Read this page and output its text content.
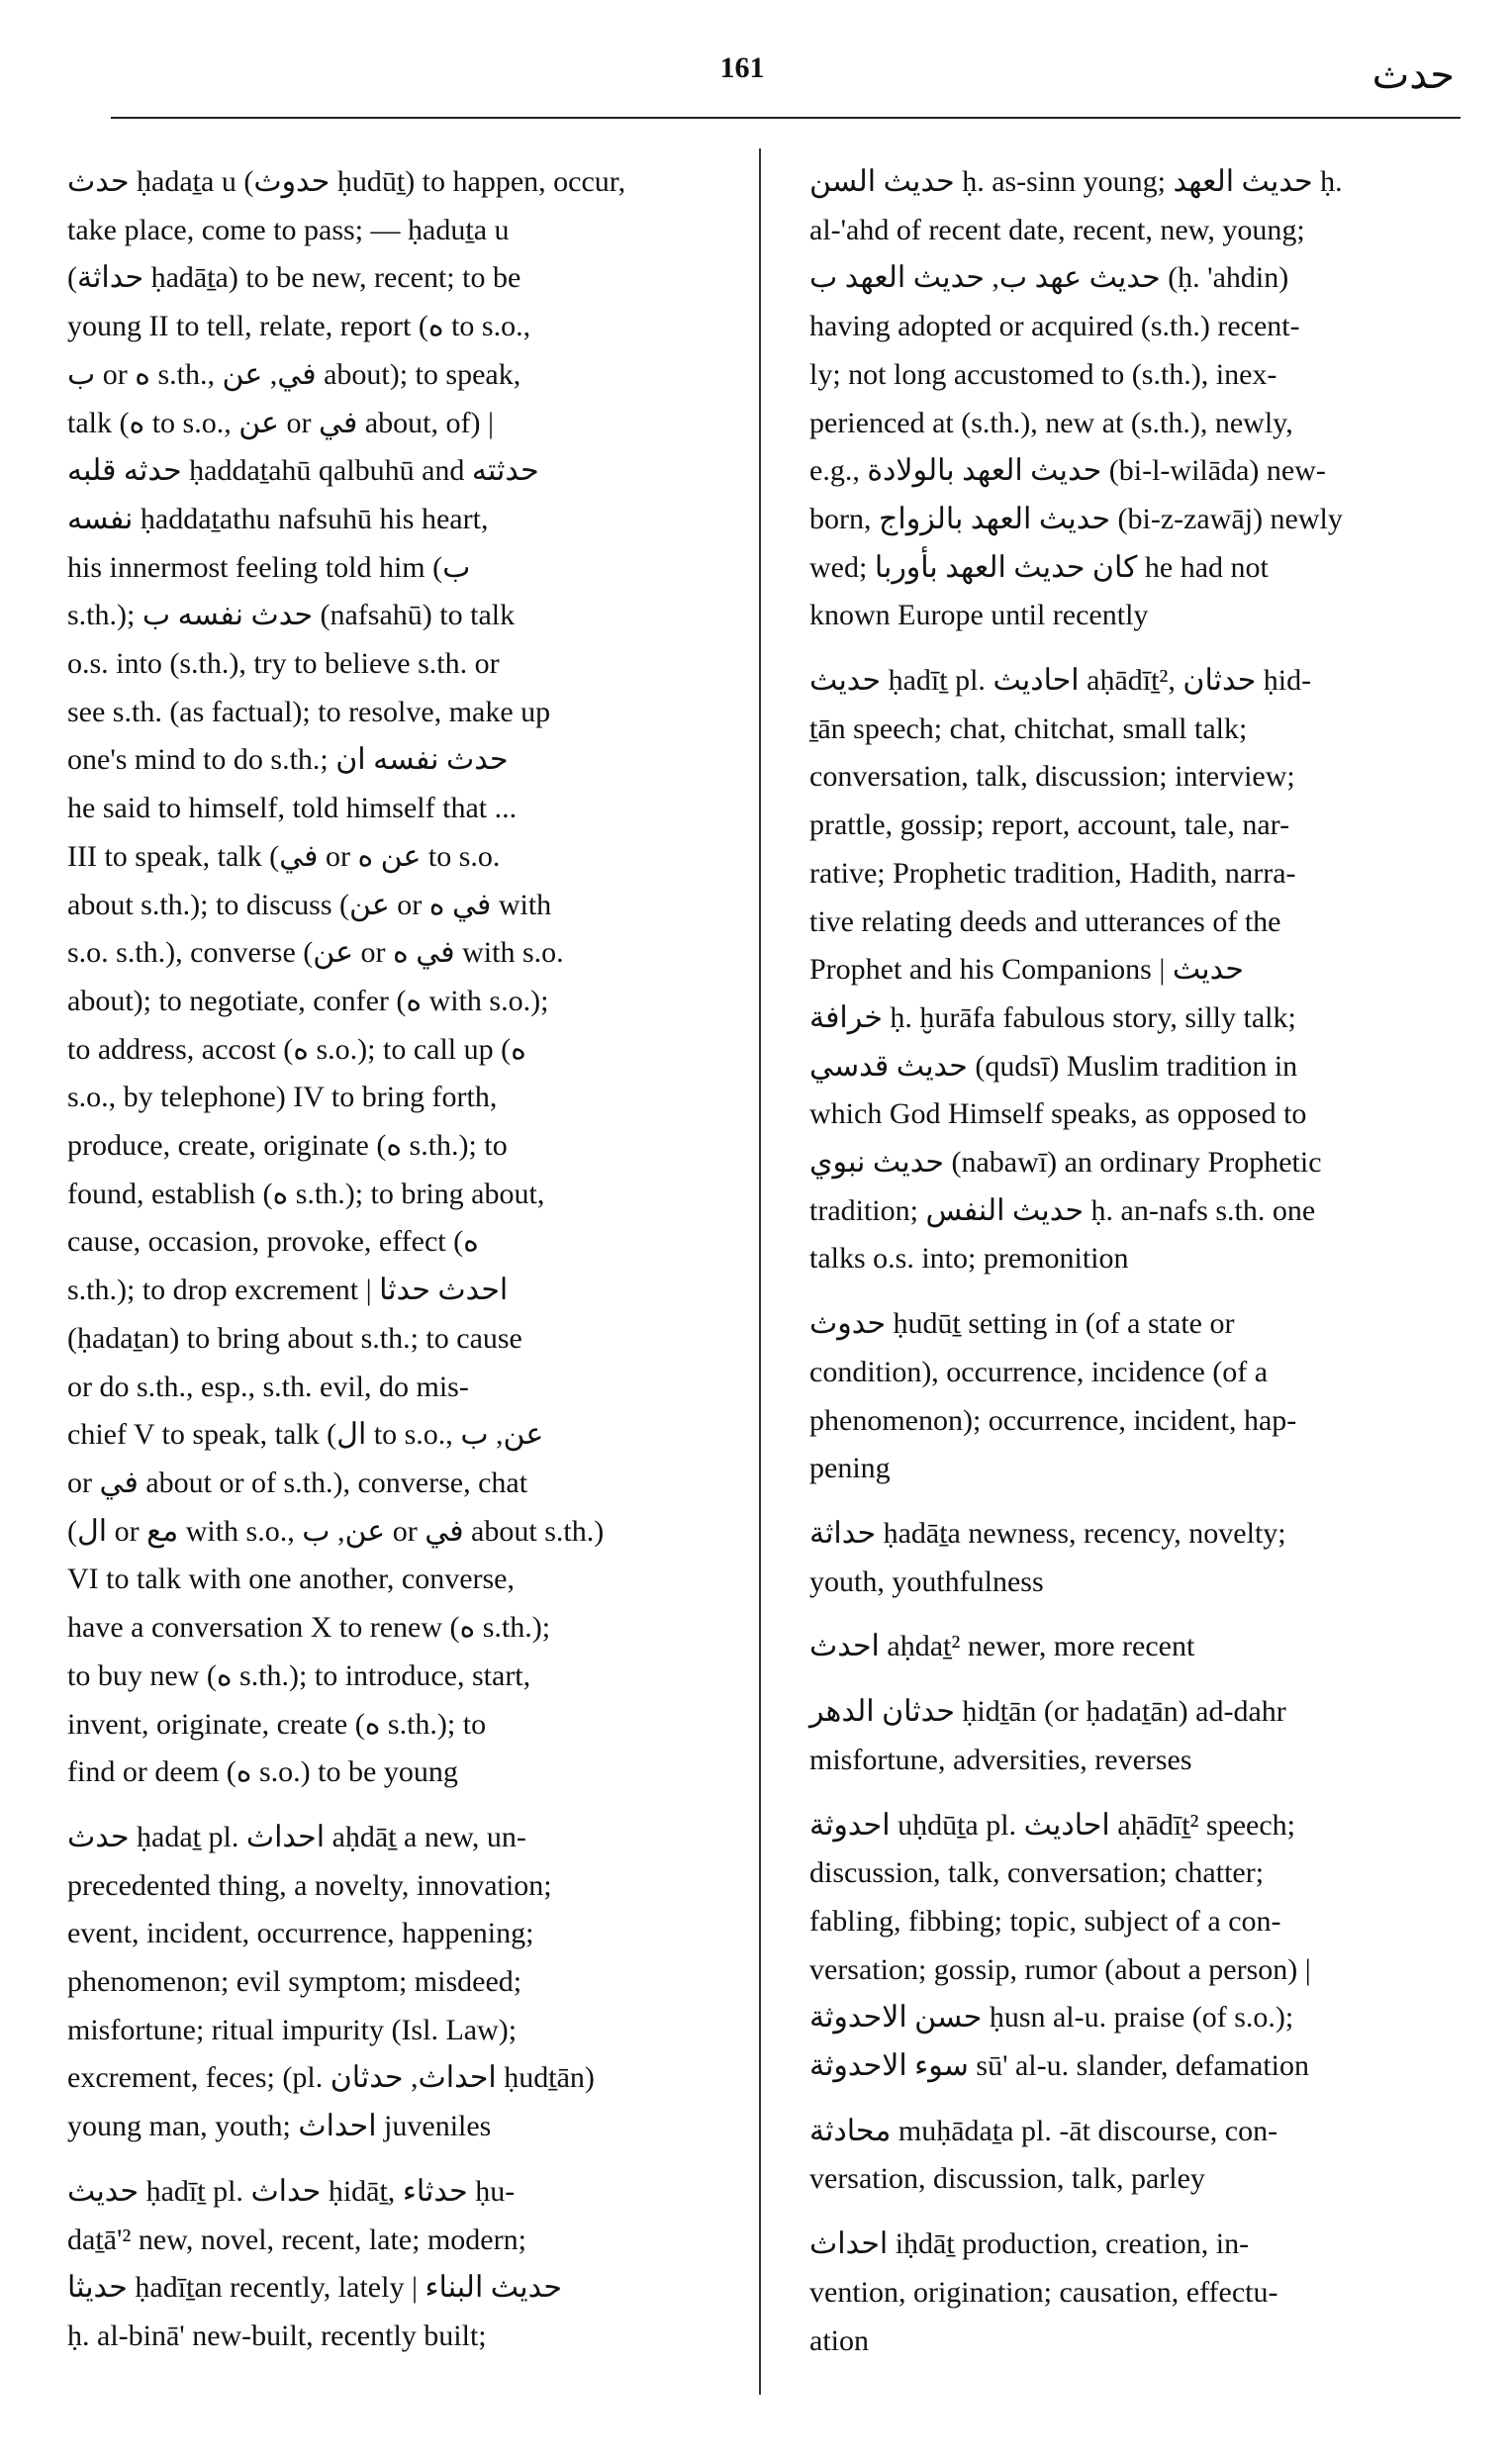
161	حدث

حدث ḥadaṯa u (حدوث ḥudūṯ) to happen, occur,

take place, come to pass; — ḥaduṯa u

(حداثة ḥadāṯa) to be new, recent; to be

young II to tell, relate, report (ه to s.o.,

ب or ه s.th., في, عن about); to speak,

talk (ه to s.o., عن or في about, of) |

حدثه قلبه ḥaddaṯahū qalbuhū and حدثته

نفسه ḥaddaṯathu nafsuhū his heart,

his innermost feeling told him (ب

s.th.); حدث نفسه ب (nafsahū) to talk

o.s. into (s.th.), try to believe s.th. or

see s.th. (as factual); to resolve, make up

one's mind to do s.th.; حدث نفسه ان

he said to himself, told himself that ...

III to speak, talk (في or عن ه to s.o.

about s.th.); to discuss (عن or في ه with

s.o. s.th.), converse (عن or في ه with s.o.

about); to negotiate, confer (ه with s.o.);

to address, accost (ه s.o.); to call up (ه

s.o., by telephone) IV to bring forth,

produce, create, originate (ه s.th.); to

found, establish (ه s.th.); to bring about,

cause, occasion, provoke, effect (ه

s.th.); to drop excrement | احدث حدثا

(ḥadaṯan) to bring about s.th.; to cause

or do s.th., esp., s.th. evil, do mis-

chief V to speak, talk (ال to s.o., عن, ب

or في about or of s.th.), converse, chat

(ال or مع with s.o., عن, ب or في about s.th.)

VI to talk with one another, converse,

have a conversation X to renew (ه s.th.);

to buy new (ه s.th.); to introduce, start,

invent, originate, create (ه s.th.); to

find or deem (ه s.o.) to be young

حدث ḥadaṯ pl. احداث aḥdāṯ a new, un-

precedented thing, a novelty, innovation;

event, incident, occurrence, happening;

phenomenon; evil symptom; misdeed;

misfortune; ritual impurity (Isl. Law);

excrement, feces; (pl. احداث, حدثان ḥudṯān)

young man, youth; احداث juveniles

حديث ḥadīṯ pl. حداث ḥidāṯ, حدثاء ḥu-

daṯā'² new, novel, recent, late; modern;

حديثا ḥadīṯan recently, lately | حديث البناء

ḥ. al-binā' new-built, recently built;

حديث السن ḥ. as-sinn young; حديث العهد ḥ.

al-'ahd of recent date, recent, new, young;

حديث عهد ب, حديث العهد ب (ḥ. 'ahdin)

having adopted or acquired (s.th.) recent-

ly; not long accustomed to (s.th.), inex-

perienced at (s.th.), new at (s.th.), newly,

e.g., حديث العهد بالولادة (bi-l-wilāda) new-

born, حديث العهد بالزواج (bi-z-zawāj) newly

wed; كان حديث العهد بأوربا he had not

known Europe until recently

حديث ḥadīṯ pl. احاديث aḥādīṯ², حدثان ḥid-

ṯān speech; chat, chitchat, small talk;

conversation, talk, discussion; interview;

prattle, gossip; report, account, tale, nar-

rative; Prophetic tradition, Hadith, narra-

tive relating deeds and utterances of the

Prophet and his Companions | حديث

خرافة ḥ. ḫurāfa fabulous story, silly talk;

حديث قدسي (qudsī) Muslim tradition in

which God Himself speaks, as opposed to

حديث نبوي (nabawī) an ordinary Prophetic

tradition; حديث النفس ḥ. an-nafs s.th. one

talks o.s. into; premonition

حدوث ḥudūṯ setting in (of a state or

condition), occurrence, incidence (of a

phenomenon); occurrence, incident, hap-

pening

حداثة ḥadāṯa newness, recency, novelty;

youth, youthfulness

احدث aḥdaṯ² newer, more recent

حدثان الدهر ḥidṯān (or ḥadaṯān) ad-dahr

misfortune, adversities, reverses

احدوثة uḥdūṯa pl. احاديث aḥādīṯ² speech;

discussion, talk, conversation; chatter;

fabling, fibbing; topic, subject of a con-

versation; gossip, rumor (about a person) |

حسن الاحدوثة ḥusn al-u. praise (of s.o.);

سوء الاحدوثة sū' al-u. slander, defamation

محادثة muḥādaṯa pl. -āt discourse, con-

versation, discussion, talk, parley

احداث iḥdāṯ production, creation, in-

vention, origination; causation, effectu-

ation
